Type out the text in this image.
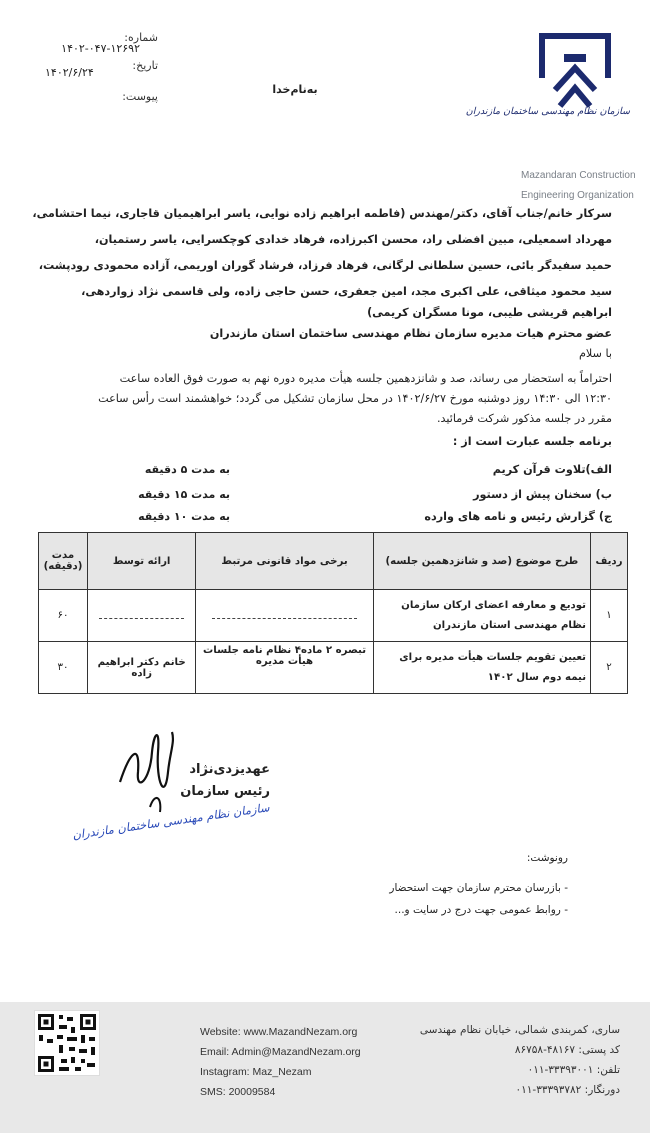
شماره:
۱۴۰۲-۰۴۷-۱۲۶۹۲
تاریخ:
۱۴۰۲/۶/۲۴
پیوست:
به‌نام‌خدا
سازمان نظام مهندسی ساختمان مازندران
Mazandaran Construction
Engineering Organization
سرکار خانم/جناب آقای، دکتر/مهندس (فاطمه ابراهیم زاده نوایی، یاسر ابراهیمیان قاجاری، نیما احتشامی،
مهرداد اسمعیلی، مبین افضلی راد، محسن اکبرزاده، فرهاد خدادی کوچکسرایی، یاسر رستمیان،
حمید سفیدگر بائی، حسین سلطانی لرگانی، فرهاد فرزاد، فرشاد گوران اوریمی، آزاده محمودی رودپشت،
سید محمود میثاقی، علی اکبری مجد، امین جعفری، حسن حاجی زاده، ولی قاسمی نژاد زواردهی،
ابراهیم قریشی طیبی، مونا مسگران کریمی)
عضو محترم هیات مدیره سازمان نظام مهندسی ساختمان استان مازندران
با سلام
احتراماً به استحضار می رساند، صد و شانزدهمین جلسه هیأت مدیره دوره نهم به صورت فوق العاده ساعت
۱۲:۳۰ الی ۱۴:۳۰ روز دوشنبه مورخ ۱۴۰۲/۶/۲۷ در محل سازمان تشکیل می گردد؛ خواهشمند است رأس ساعت
مقرر در جلسه مذکور شرکت فرمائید.
برنامه جلسه عبارت است از :
الف)تلاوت قرآن کریم
به مدت ۵ دقیقه
ب) سخنان پیش از دستور
به مدت ۱۵ دقیقه
ج) گزارش رئیس و نامه های وارده
به مدت ۱۰ دقیقه
ردیف	طرح موضوع (صد و شانزدهمین جلسه)	برخی مواد قانونی مرتبط	ارائه توسط	مدت (دقیقه)
۱	تودیع و معارفه اعضای ارکان سازمان نظام مهندسی استان مازندران			۶۰
۲	تعیین تقویم جلسات هیأت مدیره برای نیمه دوم سال ۱۴۰۲	تبصره ۲ ماده۴ نظام نامه جلسات هیأت مدیره	خانم دکتر ابراهیم زاده	۳۰
عهدیزدی‌نژاد
رئیس سازمان
سازمان نظام مهندسی ساختمان مازندران
رونوشت:
- بازرسان محترم سازمان جهت استحضار
- روابط عمومی جهت درج در سایت و...
Website: www.MazandNezam.org
Email: Admin@MazandNezam.org
Instagram: Maz_Nezam
SMS: 20009584
ساری، کمربندی شمالی، خیابان نظام مهندسی
کد پستی: ۴۸۱۶۷-۸۶۷۵۸
تلفن: ۳۳۳۹۳۰۰۱-۰۱۱
دورنگار: ۳۳۳۹۳۷۸۲-۰۱۱
